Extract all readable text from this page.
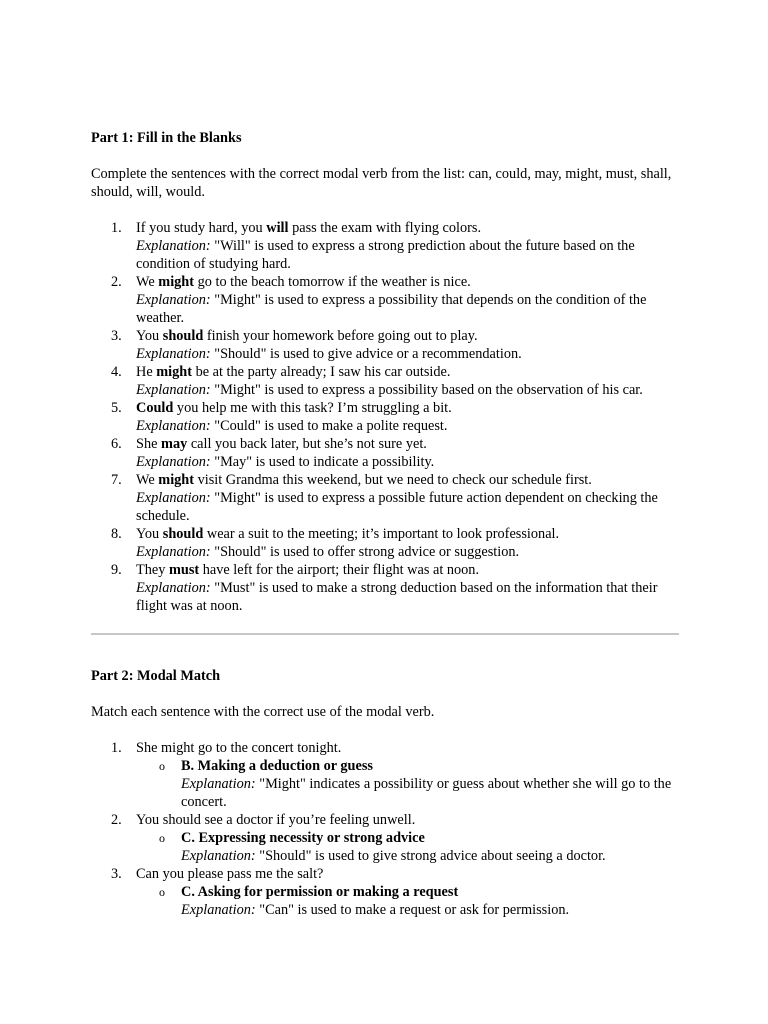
Part 1: Fill in the Blanks

Complete the sentences with the correct modal verb from the list: can, could, may, might, must, shall, should, will, would.

1. If you study hard, you will pass the exam with flying colors.
Explanation: "Will" is used to express a strong prediction about the future based on the condition of studying hard.
2. We might go to the beach tomorrow if the weather is nice.
Explanation: "Might" is used to express a possibility that depends on the condition of the weather.
3. You should finish your homework before going out to play.
Explanation: "Should" is used to give advice or a recommendation.
4. He might be at the party already; I saw his car outside.
Explanation: "Might" is used to express a possibility based on the observation of his car.
5. Could you help me with this task? I’m struggling a bit.
Explanation: "Could" is used to make a polite request.
6. She may call you back later, but she’s not sure yet.
Explanation: "May" is used to indicate a possibility.
7. We might visit Grandma this weekend, but we need to check our schedule first.
Explanation: "Might" is used to express a possible future action dependent on checking the schedule.
8. You should wear a suit to the meeting; it’s important to look professional.
Explanation: "Should" is used to offer strong advice or suggestion.
9. They must have left for the airport; their flight was at noon.
Explanation: "Must" is used to make a strong deduction based on the information that their flight was at noon.
Part 2: Modal Match

Match each sentence with the correct use of the modal verb.

1. She might go to the concert tonight.
o B. Making a deduction or guess
Explanation: "Might" indicates a possibility or guess about whether she will go to the concert.
2. You should see a doctor if you’re feeling unwell.
o C. Expressing necessity or strong advice
Explanation: "Should" is used to give strong advice about seeing a doctor.
3. Can you please pass me the salt?
o C. Asking for permission or making a request
Explanation: "Can" is used to make a request or ask for permission.
